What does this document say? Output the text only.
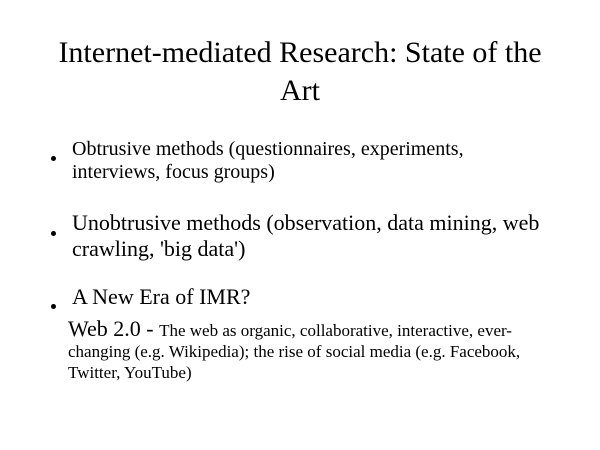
Internet-mediated Research: State of the Art
Obtrusive methods (questionnaires, experiments, interviews, focus groups)
Unobtrusive methods (observation, data mining, web crawling, 'big data')
A New Era of IMR?
Web 2.0 - The web as organic, collaborative, interactive, ever-changing (e.g. Wikipedia); the rise of social media (e.g. Facebook, Twitter, YouTube)
